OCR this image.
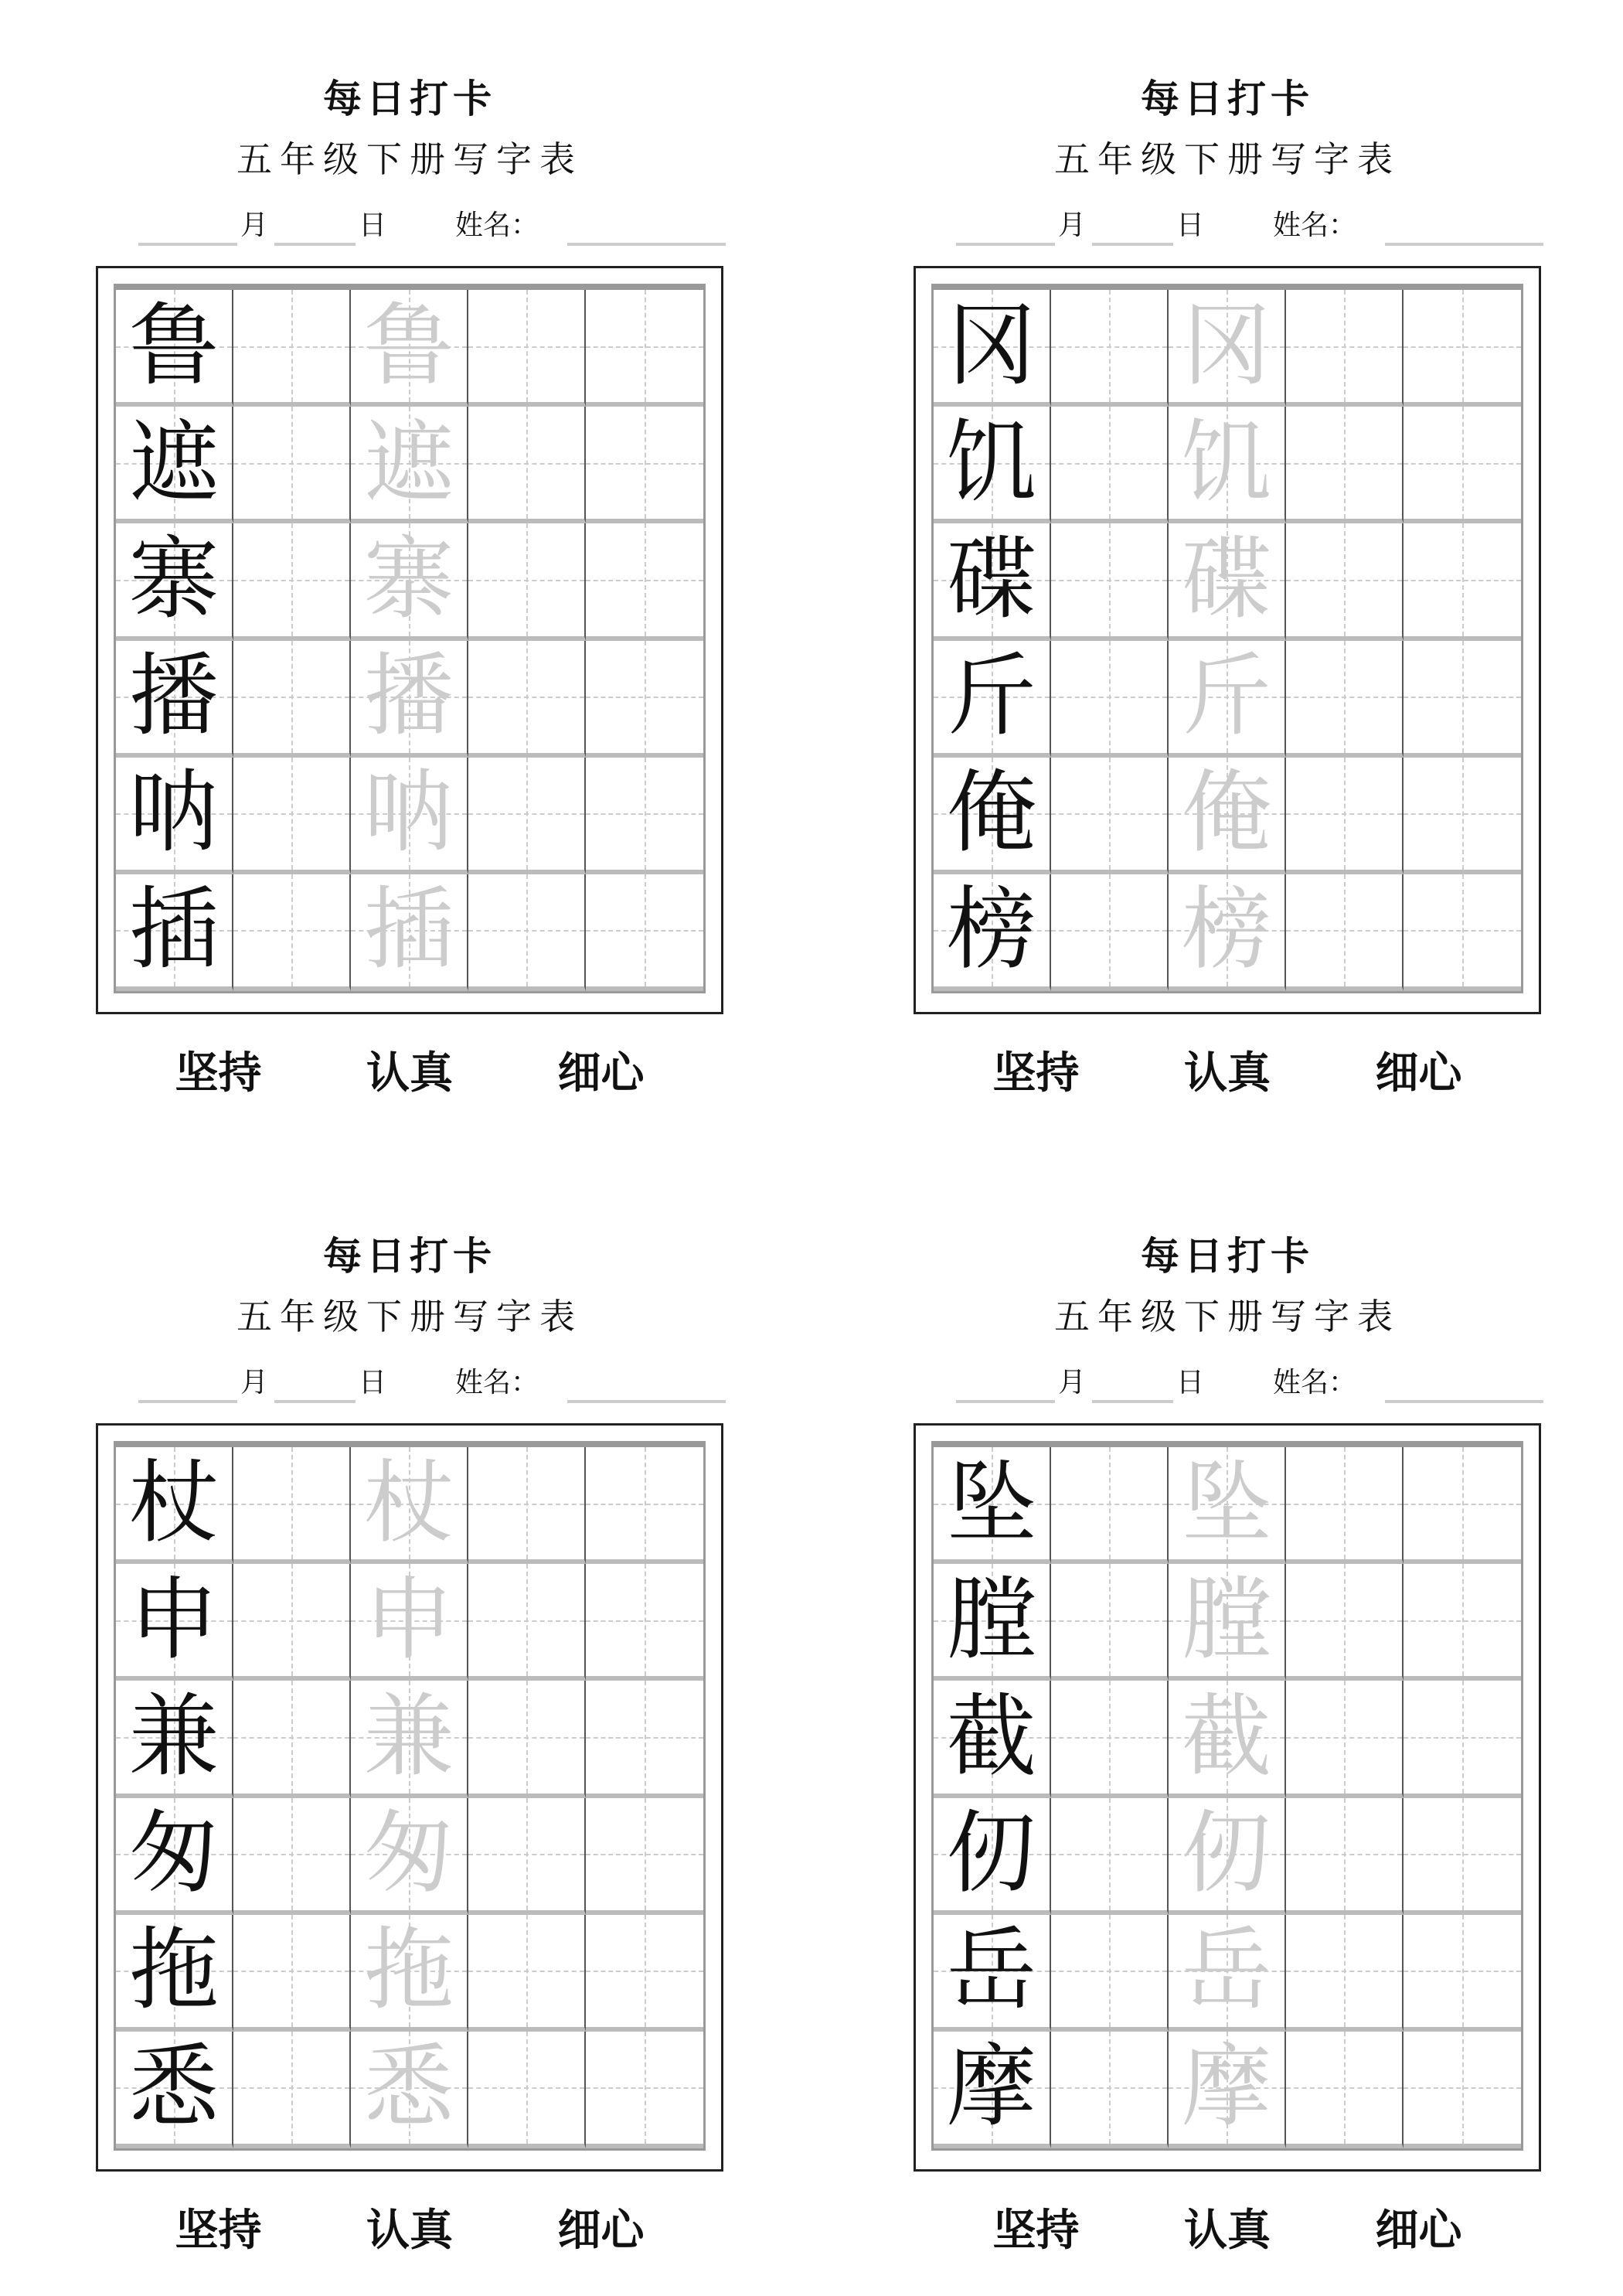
每日打卡
五年级下册写字表
月	日 姓名：
鲁 鲁
遮 遮
寨 寨
播 播
呐 呐
插 插
坚持 认真 细心
每日打卡
五年级下册写字表
月	日 姓名：
冈 冈
饥 饥
碟 碟
斤 斤
俺 俺
榜 榜
坚持 认真 细心
每日打卡
五年级下册写字表
月	日 姓名：
杖 杖
申 申
兼 兼
匆 匆
拖 拖
悉 悉
坚持 认真 细心
每日打卡
五年级下册写字表
月	日 姓名：
坠 坠
膛 膛
截 截
仞 仞
岳 岳
摩 摩
坚持 认真 细心
